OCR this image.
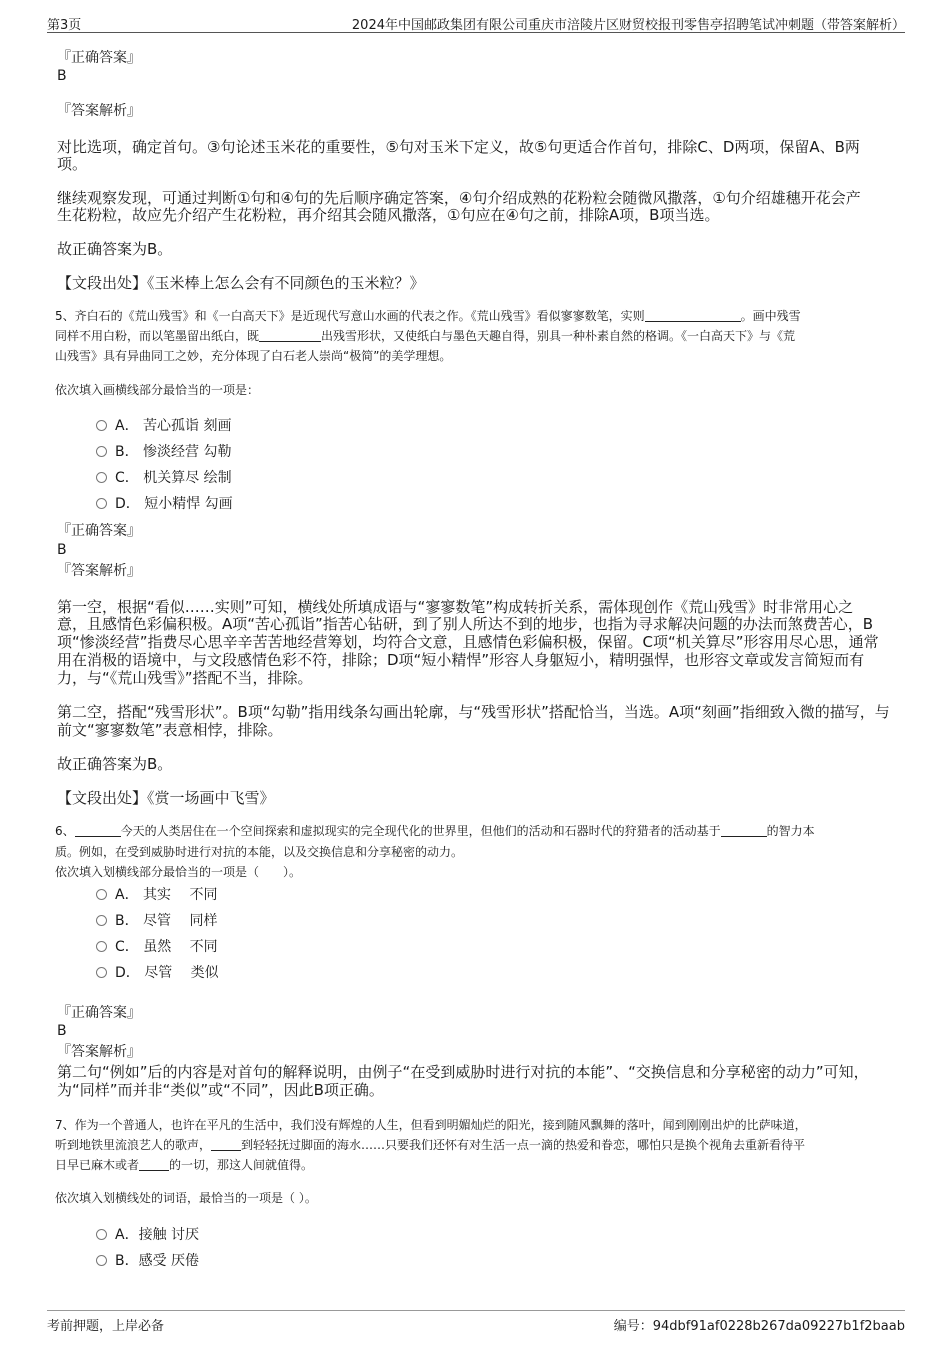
第3页	2024年中国邮政集团有限公司重庆市涪陵片区财贸校报刊零售亭招聘笔试冲刺题（带答案解析）
『正确答案』
B
『答案解析』
对比选项，确定首句。③句论述玉米花的重要性，⑤句对玉米下定义，故⑤句更适合作首句，排除C、D两项，保留A、B两
项。
继续观察发现，可通过判断①句和④句的先后顺序确定答案，④句介绍成熟的花粉粒会随微风撒落，①句介绍雄穗开花会产
生花粉粒，故应先介绍产生花粉粒，再介绍其会随风撒落，①句应在④句之前，排除A项，B项当选。
故正确答案为B。
【文段出处】《玉米棒上怎么会有不同颜色的玉米粒？》
5、齐白石的《荒山残雪》和《一白高天下》是近现代写意山水画的代表之作。《荒山残雪》看似寥寥数笔，实则	。画中残雪
同样不用白粉，而以笔墨留出纸白，既	出残雪形状，又使纸白与墨色天趣自得，别具一种朴素自然的格调。《一白高天下》与《荒
山残雪》具有异曲同工之妙，充分体现了白石老人崇尚“极简”的美学理想。
依次填入画横线部分最恰当的一项是：
A． 苦心孤诣 刻画
B． 惨淡经营 勾勒
C． 机关算尽 绘制
D． 短小精悍 勾画
『正确答案』
B
『答案解析』
第一空，根据“看似……实则”可知，横线处所填成语与“寥寥数笔”构成转折关系，需体现创作《荒山残雪》时非常用心之
意，且感情色彩偏积极。A项“苦心孤诣”指苦心钻研，到了别人所达不到的地步，也指为寻求解决问题的办法而煞费苦心，B
项“惨淡经营”指费尽心思辛辛苦苦地经营筹划，均符合文意，且感情色彩偏积极，保留。C项“机关算尽”形容用尽心思，通常
用在消极的语境中，与文段感情色彩不符，排除；D项“短小精悍”形容人身躯短小，精明强悍，也形容文章或发言简短而有
力，与“《荒山残雪》”搭配不当，排除。
第二空，搭配“残雪形状”。B项“勾勒”指用线条勾画出轮廓，与“残雪形状”搭配恰当，当选。A项“刻画”指细致入微的描写，与
前文“寥寥数笔”表意相悖，排除。
故正确答案为B。
【文段出处】《赏一场画中飞雪》
6、	今天的人类居住在一个空间探索和虚拟现实的完全现代化的世界里，但他们的活动和石器时代的狩猎者的活动基于	的智力本
质。例如，在受到威胁时进行对抗的本能，以及交换信息和分享秘密的动力。
依次填入划横线部分最恰当的一项是（　　）。
A． 其实　 不同
B． 尽管　 同样
C． 虽然　 不同
D． 尽管　 类似
『正确答案』
B
『答案解析』
第二句“例如”后的内容是对首句的解释说明，由例子“在受到威胁时进行对抗的本能”、“交换信息和分享秘密的动力”可知，
为“同样”而并非“类似”或“不同”，因此B项正确。
7、作为一个普通人，也许在平凡的生活中，我们没有辉煌的人生，但看到明媚灿烂的阳光，接到随风飘舞的落叶，闻到刚刚出炉的比萨味道，
听到地铁里流浪艺人的歌声，	到轻轻抚过脚面的海水……只要我们还怀有对生活一点一滴的热爱和眷恋，哪怕只是换个视角去重新看待平
日早已麻木或者	的一切，那这人间就值得。
依次填入划横线处的词语，最恰当的一项是（ ）。
A．接触 讨厌
B．感受 厌倦
考前押题，上岸必备	编号：94dbf91af0228b267da09227b1f2baab
